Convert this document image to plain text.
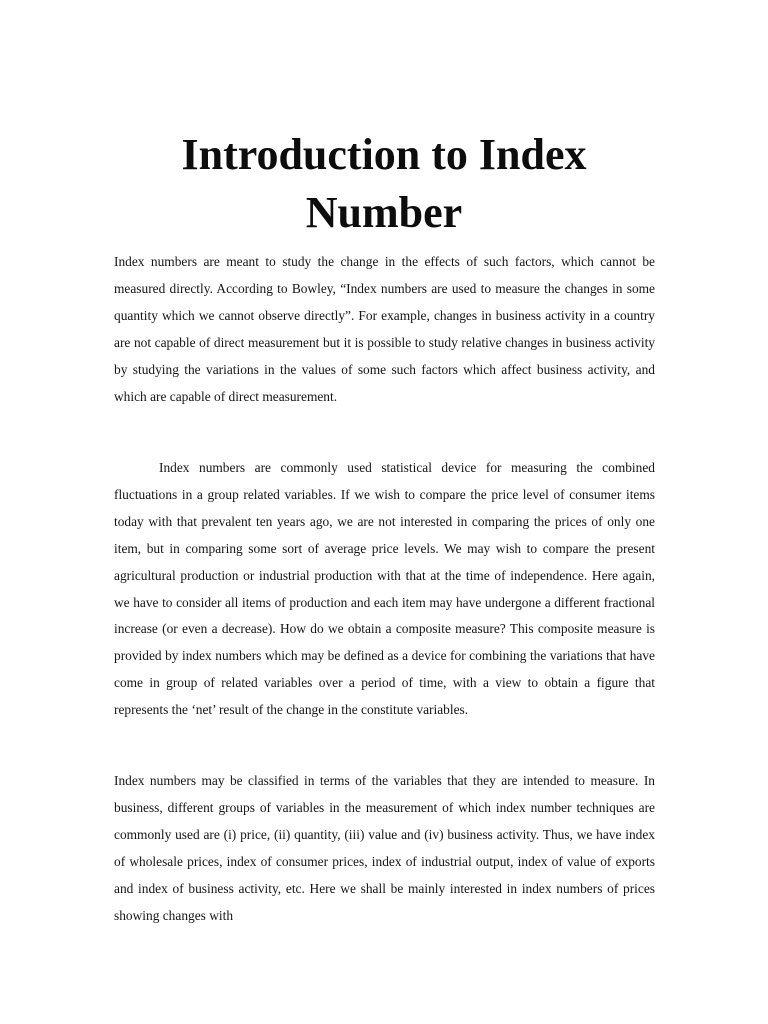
Introduction to Index Number

Index numbers are meant to study the change in the effects of such factors, which cannot be measured directly. According to Bowley, “Index numbers are used to measure the changes in some quantity which we cannot observe directly”. For example, changes in business activity in a country are not capable of direct measurement but it is possible to study relative changes in business activity by studying the variations in the values of some such factors which affect business activity, and which are capable of direct measurement.

Index numbers are commonly used statistical device for measuring the combined fluctuations in a group related variables. If we wish to compare the price level of consumer items today with that prevalent ten years ago, we are not interested in comparing the prices of only one item, but in comparing some sort of average price levels. We may wish to compare the present agricultural production or industrial production with that at the time of independence. Here again, we have to consider all items of production and each item may have undergone a different fractional increase (or even a decrease). How do we obtain a composite measure? This composite measure is provided by index numbers which may be defined as a device for combining the variations that have come in group of related variables over a period of time, with a view to obtain a figure that represents the ‘net’ result of the change in the constitute variables.

Index numbers may be classified in terms of the variables that they are intended to measure. In business, different groups of variables in the measurement of which index number techniques are commonly used are (i) price, (ii) quantity, (iii) value and (iv) business activity. Thus, we have index of wholesale prices, index of consumer prices, index of industrial output, index of value of exports and index of business activity, etc. Here we shall be mainly interested in index numbers of prices showing changes with
